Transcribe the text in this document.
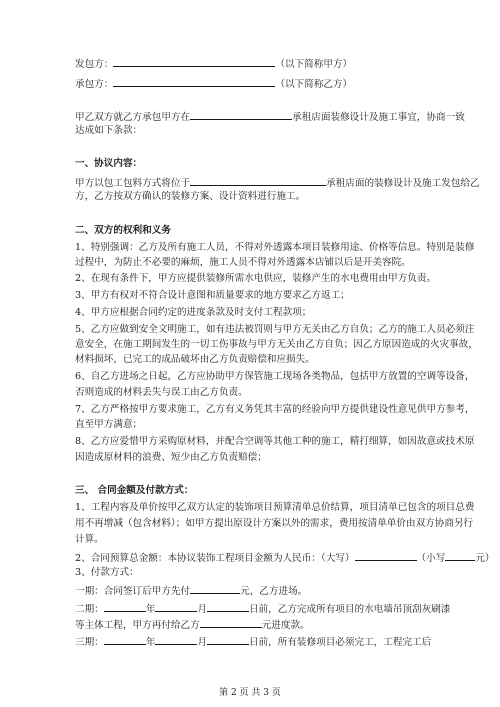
发包方：	（以下简称甲方）
承包方：	（以下简称乙方）
甲乙双方就乙方承包甲方在	承租店面装修设计及施工事宜，协商一致
达成如下条款：
一、协议内容：
甲方以包工包料方式将位于	承租店面的装修设计及施工发包给乙
方，乙方按双方确认的装修方案、设计资料进行施工。
二、双方的权利和义务
1、特别强调：乙方及所有施工人员，不得对外透露本项目装修用途、价格等信息。特别是装修
过程中，为防止不必要的麻烦，施工人员不得对外透露本店铺以后是开美容院。
2、在现有条件下，甲方应提供装修所需水电供应，装修产生的水电费用由甲方负责。
3、甲方有权对不符合设计意图和质量要求的地方要求乙方返工；
4、甲方应根据合同约定的进度条款及时支付工程款项；
5、乙方应做到安全文明施工，如有违法被罚则与甲方无关由乙方自负；乙方的施工人员必须注
意安全，在施工期间发生的一切工伤事故与甲方无关由乙方自负；因乙方原因造成的火灾事故，
材料损坏，已完工的成品破坏由乙方负责赔偿和应损失。
6、自乙方进场之日起，乙方应协助甲方保管施工现场各类物品，包括甲方放置的空调等设备，
否则造成的材料丢失与误工由乙方负责。
7、乙方严格按甲方要求施工，乙方有义务凭其丰富的经验向甲方提供建设性意见供甲方参考，
直至甲方满意；
8、乙方应爱惜甲方采购原材料，并配合空调等其他工种的施工，精打细算，如因故意或技术原
因造成原材料的浪费、短少由乙方负责赔偿；
三、 合同金额及付款方式：
1、工程内容及单价按甲乙双方认定的装饰项目预算清单总价结算，项目清单已包含的项目总费
用不再增减（包含材料）；如甲方提出原设计方案以外的需求，费用按清单单价由双方协商另行
计算。
2、合同预算总金额：本协议装饰工程项目金额为人民币：（大写）	（小写	元）
3、付款方式：
一期：合同签订后甲方先付	元，乙方进场。
二期：	年	月	日前，乙方完成所有项目的水电墙吊顶刮灰刷漆
等主体工程，甲方再付给乙方	元进度款。
三期：	年	月	日前，所有装修项目必须完工，工程完工后
第 2 页 共 3 页
